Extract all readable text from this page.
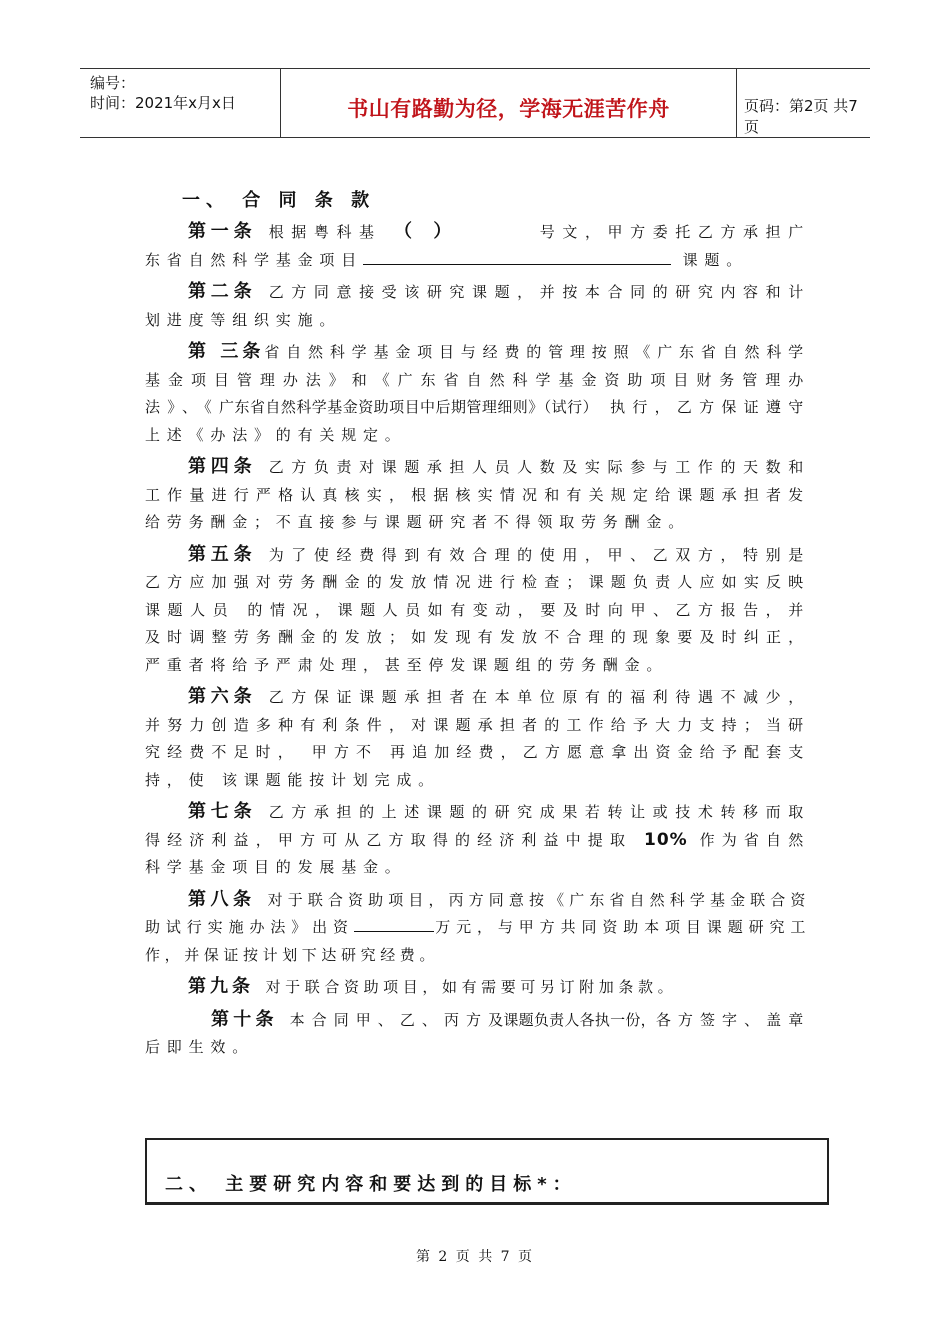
编号：
时间：2021年x月x日	书山有路勤为径，学海无涯苦作舟	页码：第2页 共7页
一、 合 同 条 款

第一条 根据粤科基 （ ）	号文，甲方委托乙方承担广东省自然科学基金项目	课题。

第二条 乙方同意接受该研究课题，并按本合同的研究内容和计划进度等组织实施。

第 三条省自然科学基金项目与经费的管理按照《广东省自然科学基金项目管理办法》和《广东省自然科学基金资助项目财务管理办法》、《广东省自然科学基金资助项目中后期管理细则》（试行） 执行，乙方保证遵守上述《办法》的有关规定。

第四条 乙方负责对课题承担人员人数及实际参与工作的天数和工作量进行严格认真核实，根据核实情况和有关规定给课题承担者发给劳务酬金；不直接参与课题研究者不得领取劳务酬金。

第五条 为了使经费得到有效合理的使用，甲、乙双方，特别是乙方应加强对劳务酬金的发放情况进行检查；课题负责人应如实反映课题人员 的情况，课题人员如有变动，要及时向甲、乙方报告，并及时调整劳务酬金的发放；如发现有发放不合理的现象要及时纠正， 严重者将给予严肃处理，甚至停发课题组的劳务酬金。

第六条 乙方保证课题承担者在本单位原有的福利待遇不减少，并努力创造多种有利条件，对课题承担者的工作给予大力支持；当研究经费不足时， 甲方不 再追加经费，乙方愿意拿出资金给予配套支持，使 该课题能按计划完成。

第七条 乙方承担的上述课题的研究成果若转让或技术转移而取得经济利益，甲方可从乙方取得的经济利益中提取 10% 作为省自然科学基金项目的发展基金。

第八条 对于联合资助项目，丙方同意按《广东省自然科学基金联合资助试行实施办法》出资	万元，与甲方共同资助本项目课题研究工作，并保证按计划下达研究经费。

第九条 对于联合资助项目，如有需要可另订附加条款。

第十条 本合同甲、乙、丙方及课题负责人各执一份，各方签字、盖章后即生效。

二、 主要研究内容和要达到的目标*：
第 2 页 共 7 页
